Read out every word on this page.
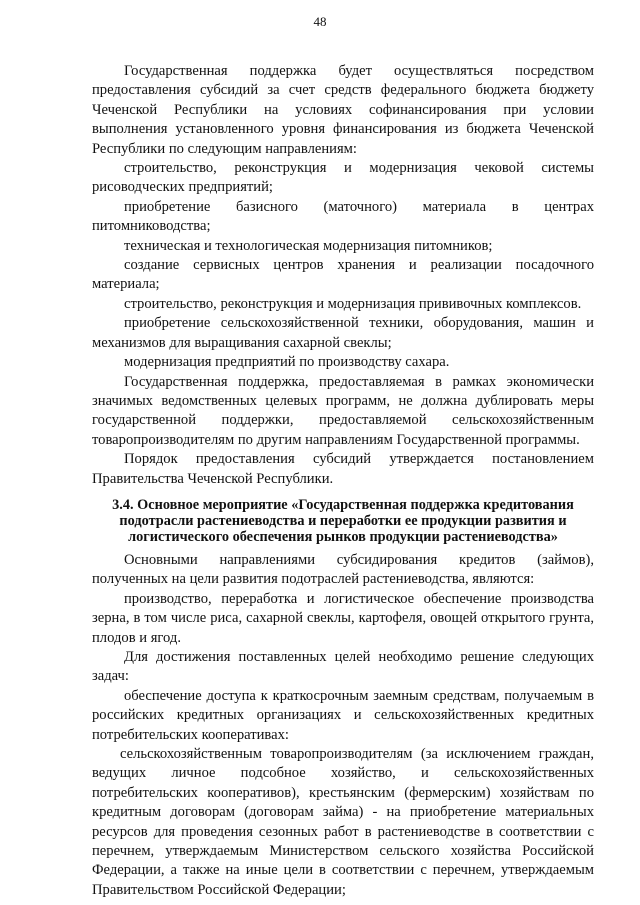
48

Государственная поддержка будет осуществляться посредством предоставления субсидий за счет средств федерального бюджета бюджету Чеченской Республики на условиях софинансирования при условии выполнения установленного уровня финансирования из бюджета Чеченской Республики по следующим направлениям:

строительство, реконструкция и модернизация чековой системы рисоводческих предприятий;

приобретение базисного (маточного) материала в центрах питомниководства;

техническая и технологическая модернизация питомников;

создание сервисных центров хранения и реализации посадочного материала;

строительство, реконструкция и модернизация прививочных комплексов.

приобретение сельскохозяйственной техники, оборудования, машин и механизмов для выращивания сахарной свеклы;

модернизация предприятий по производству сахара.

Государственная поддержка, предоставляемая в рамках экономически значимых ведомственных целевых программ, не должна дублировать меры государственной поддержки, предоставляемой сельскохозяйственным товаропроизводителям по другим направлениям Государственной программы.

Порядок предоставления субсидий утверждается постановлением Правительства Чеченской Республики.

3.4. Основное мероприятие «Государственная поддержка кредитования подотрасли растениеводства и переработки ее продукции развития и логистического обеспечения рынков продукции растениеводства»

Основными направлениями субсидирования кредитов (займов), полученных на цели развития подотраслей растениеводства, являются:

производство, переработка и логистическое обеспечение производства зерна, в том числе риса, сахарной свеклы, картофеля, овощей открытого грунта, плодов и ягод.

Для достижения поставленных целей необходимо решение следующих задач:

обеспечение доступа к краткосрочным заемным средствам, получаемым в российских кредитных организациях и сельскохозяйственных кредитных потребительских кооперативах:

сельскохозяйственным товаропроизводителям (за исключением граждан, ведущих личное подсобное хозяйство, и сельскохозяйственных потребительских кооперативов), крестьянским (фермерским) хозяйствам по кредитным договорам (договорам займа) - на приобретение материальных ресурсов для проведения сезонных работ в растениеводстве в соответствии с перечнем, утверждаемым Министерством сельского хозяйства Российской Федерации, а также на иные цели в соответствии с перечнем, утверждаемым Правительством Российской Федерации;
